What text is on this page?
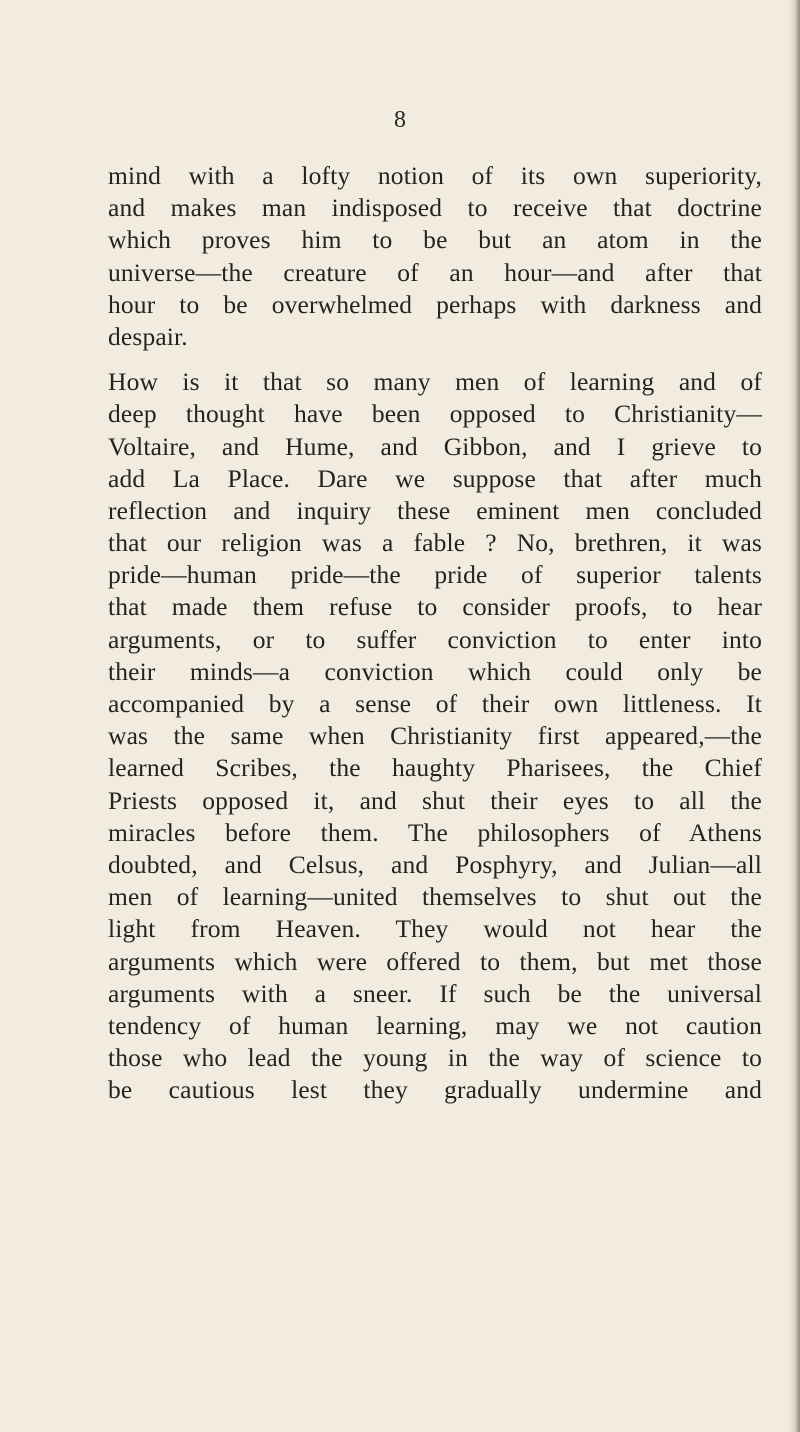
8

mind with a lofty notion of its own superiority,
and makes man indisposed to receive that doctrine
which proves him to be but an atom in the
universe—the creature of an hour—and after that
hour to be overwhelmed perhaps with darkness and
despair.
How is it that so many men of learning and of
deep thought have been opposed to Christianity—
Voltaire, and Hume, and Gibbon, and I grieve to
add La Place. Dare we suppose that after much
reflection and inquiry these eminent men concluded
that our religion was a fable ? No, brethren, it was
pride—human pride—the pride of superior talents
that made them refuse to consider proofs, to hear
arguments, or to suffer conviction to enter into
their minds—a conviction which could only be
accompanied by a sense of their own littleness. It
was the same when Christianity first appeared,—the
learned Scribes, the haughty Pharisees, the Chief
Priests opposed it, and shut their eyes to all the
miracles before them. The philosophers of Athens
doubted, and Celsus, and Posphyry, and Julian—all
men of learning—united themselves to shut out the
light from Heaven. They would not hear the
arguments which were offered to them, but met those
arguments with a sneer. If such be the universal
tendency of human learning, may we not caution
those who lead the young in the way of science to
be cautious lest they gradually undermine and
